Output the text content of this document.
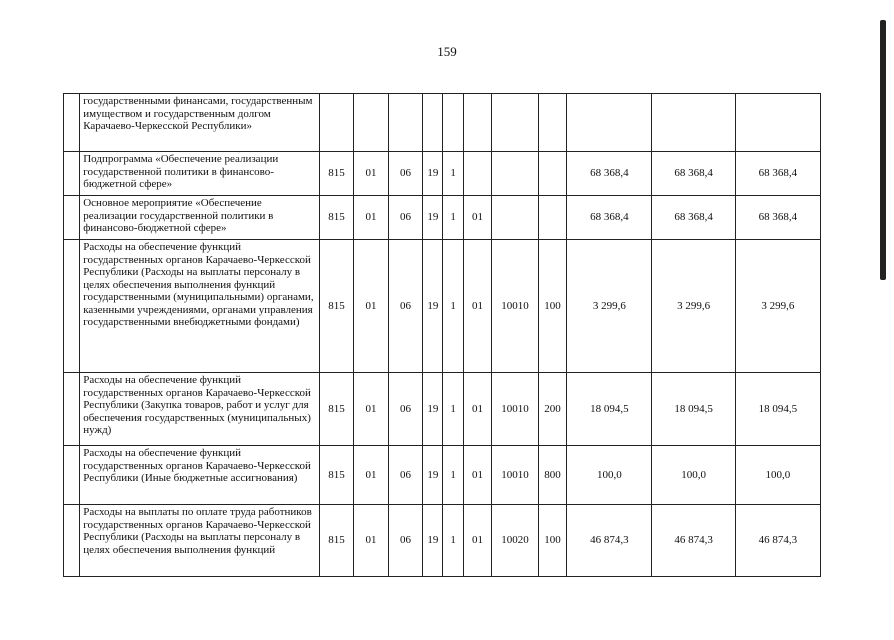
159
	государственными финансами, государственным имуществом и государственным долгом Карачаево-Черкесской Республики»											
	Подпрограмма «Обеспечение реализации государственной политики в финансово-бюджетной сфере»	815	01	06	19	1				68 368,4	68 368,4	68 368,4
	Основное мероприятие «Обеспечение реализации государственной политики в финансово-бюджетной сфере»	815	01	06	19	1	01			68 368,4	68 368,4	68 368,4
	Расходы на обеспечение функций государственных органов Карачаево-Черкесской Республики (Расходы на выплаты персоналу в целях обеспечения выполнения функций государственными (муниципальными) органами, казенными учреждениями, органами управления государственными внебюджетными фондами)	815	01	06	19	1	01	10010	100	3 299,6	3 299,6	3 299,6
	Расходы на обеспечение функций государственных органов Карачаево-Черкесской Республики (Закупка товаров, работ и услуг для обеспечения государственных (муниципальных) нужд)	815	01	06	19	1	01	10010	200	18 094,5	18 094,5	18 094,5
	Расходы на обеспечение функций государственных органов Карачаево-Черкесской Республики (Иные бюджетные ассигнования)	815	01	06	19	1	01	10010	800	100,0	100,0	100,0
	Расходы на выплаты по оплате труда работников государственных органов Карачаево-Черкесской Республики (Расходы на выплаты персоналу в целях обеспечения выполнения функций	815	01	06	19	1	01	10020	100	46 874,3	46 874,3	46 874,3
